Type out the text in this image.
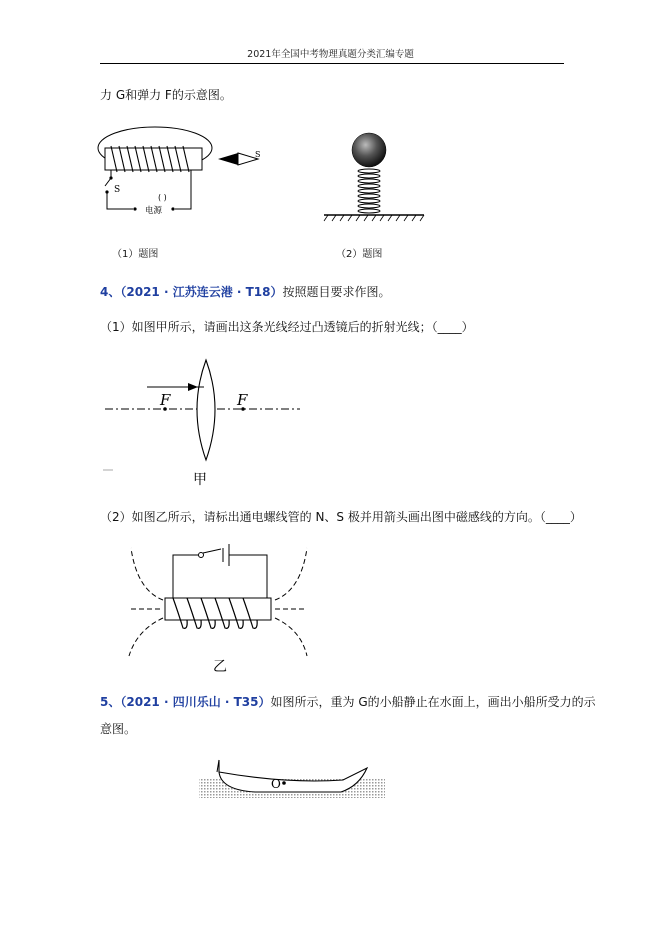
2021年全国中考物理真题分类汇编专题
力 G和弹力 F的示意图。
S
( )
电源
S
（1）题图	（2）题图
4、（2021 · 江苏连云港 · T18）按照题目要求作图。
（1）如图甲所示，请画出这条光线经过凸透镜后的折射光线；（____）
F	F
甲
（2）如图乙所示，请标出通电螺线管的 N、S 极并用箭头画出图中磁感线的方向。（____）
乙
5、（2021 · 四川乐山 · T35）如图所示，重为 G的小船静止在水面上，画出小船所受力的示
意图。
O
